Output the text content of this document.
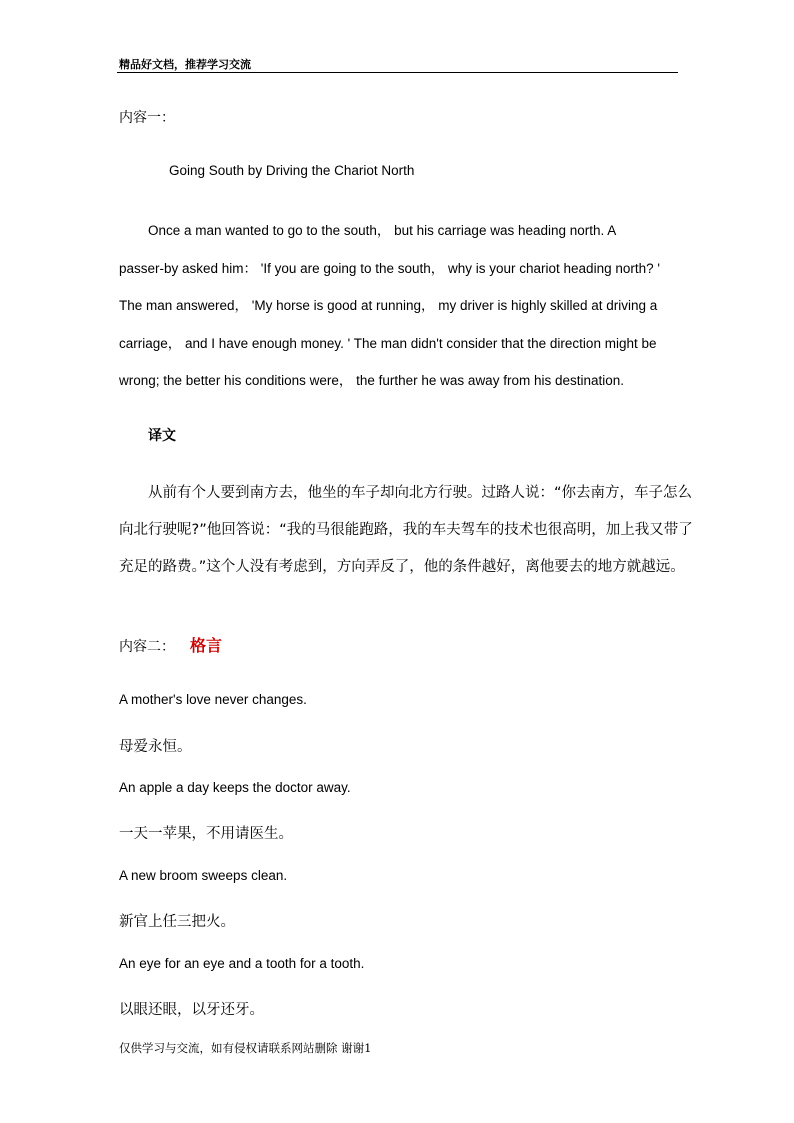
精品好文档，推荐学习交流
内容一：
Going South by Driving the Chariot North
Once a man wanted to go to the south， but his carriage was heading north. A
passer-by asked him： 'If you are going to the south， why is your chariot heading north? '
The man answered， 'My horse is good at running， my driver is highly skilled at driving a
carriage， and I have enough money. ' The man didn't consider that the direction might be
wrong; the better his conditions were， the further he was away from his destination.
译文
从前有个人要到南方去，他坐的车子却向北方行驶。过路人说：“你去南方，车子怎么
向北行驶呢?”他回答说：“我的马很能跑路，我的车夫驾车的技术也很高明，加上我又带了
充足的路费。”这个人没有考虑到，方向弄反了，他的条件越好，离他要去的地方就越远。
内容二： 格言
A mother's love never changes.
母爱永恒。
An apple a day keeps the doctor away.
一天一苹果，不用请医生。
A new broom sweeps clean.
新官上任三把火。
An eye for an eye and a tooth for a tooth.
以眼还眼，以牙还牙。
仅供学习与交流，如有侵权请联系网站删除 谢谢1
